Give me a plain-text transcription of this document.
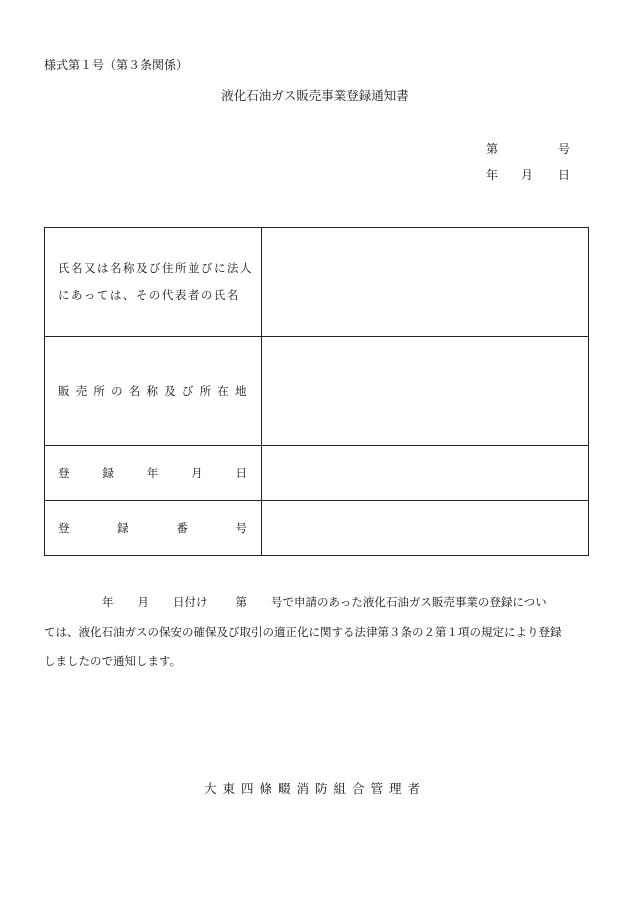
様式第１号（第３条関係）
液化石油ガス販売事業登録通知書
第	号
年 月 日
氏名又は名称及び住所並びに法人
にあっては、その代表者の氏名	

販売所の名称及び所在地	

登 録 年 月 日	

登 録 番 号	

年 月 日付け 第 号で申請のあった液化石油ガス販売事業の登録につい
ては、液化石油ガスの保安の確保及び取引の適正化に関する法律第３条の２第１項の規定により登録
しましたので通知します。
大東四條畷消防組合管理者
